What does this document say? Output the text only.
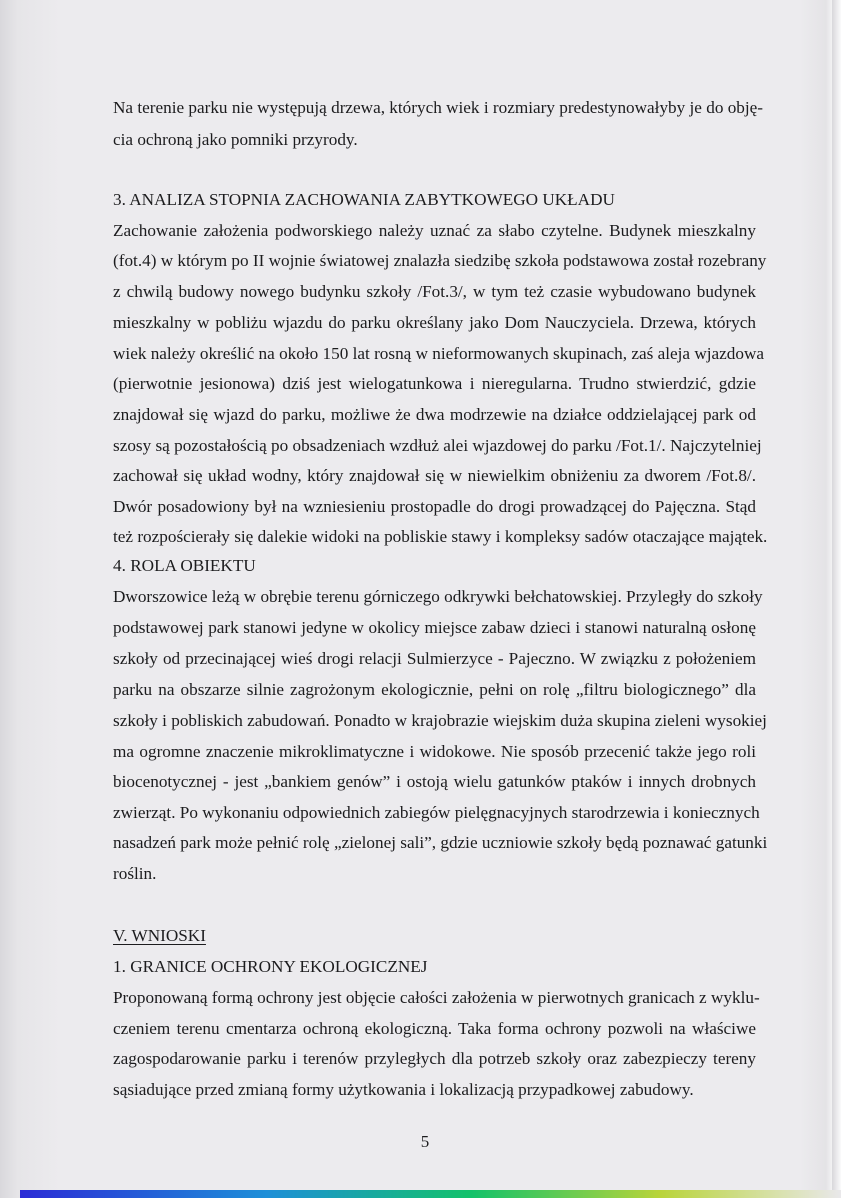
Na terenie parku nie występują drzewa, których wiek i rozmiary predestynowałyby je do obję-
cia ochroną jako pomniki przyrody.
3. ANALIZA STOPNIA ZACHOWANIA ZABYTKOWEGO UKŁADU
Zachowanie założenia podworskiego należy uznać za słabo czytelne. Budynek mieszkalny
(fot.4) w którym po II wojnie światowej znalazła siedzibę szkoła podstawowa został rozebrany
z chwilą budowy nowego budynku szkoły /Fot.3/, w tym też czasie wybudowano budynek
mieszkalny w pobliżu wjazdu do parku określany jako Dom Nauczyciela. Drzewa, których
wiek należy określić na około 150 lat rosną w nieformowanych skupinach, zaś aleja wjazdowa
(pierwotnie jesionowa) dziś jest wielogatunkowa i nieregularna. Trudno stwierdzić, gdzie
znajdował się wjazd do parku, możliwe że dwa modrzewie na działce oddzielającej park od
szosy są pozostałością po obsadzeniach wzdłuż alei wjazdowej do parku /Fot.1/. Najczytelniej
zachował się układ wodny, który znajdował się w niewielkim obniżeniu za dworem /Fot.8/.
Dwór posadowiony był na wzniesieniu prostopadle do drogi prowadzącej do Pajęczna. Stąd
też rozpościerały się dalekie widoki na pobliskie stawy i kompleksy sadów otaczające majątek.
4. ROLA OBIEKTU
Dworszowice leżą w obrębie terenu górniczego odkrywki bełchatowskiej. Przyległy do szkoły
podstawowej park stanowi jedyne w okolicy miejsce zabaw dzieci i stanowi naturalną osłonę
szkoły od przecinającej wieś drogi relacji Sulmierzyce - Pajeczno. W związku z położeniem
parku na obszarze silnie zagrożonym ekologicznie, pełni on rolę „filtru biologicznego” dla
szkoły i pobliskich zabudowań. Ponadto w krajobrazie wiejskim duża skupina zieleni wysokiej
ma ogromne znaczenie mikroklimatyczne i widokowe. Nie sposób przecenić także jego roli
biocenotycznej - jest „bankiem genów” i ostoją wielu gatunków ptaków i innych drobnych
zwierząt. Po wykonaniu odpowiednich zabiegów pielęgnacyjnych starodrzewia i koniecznych
nasadzeń park może pełnić rolę „zielonej sali”, gdzie uczniowie szkoły będą poznawać gatunki
roślin.
V. WNIOSKI
1. GRANICE OCHRONY EKOLOGICZNEJ
Proponowaną formą ochrony jest objęcie całości założenia w pierwotnych granicach z wyklu-
czeniem terenu cmentarza ochroną ekologiczną. Taka forma ochrony pozwoli na właściwe
zagospodarowanie parku i terenów przyległych dla potrzeb szkoły oraz zabezpieczy tereny
sąsiadujące przed zmianą formy użytkowania i lokalizacją przypadkowej zabudowy.
5
